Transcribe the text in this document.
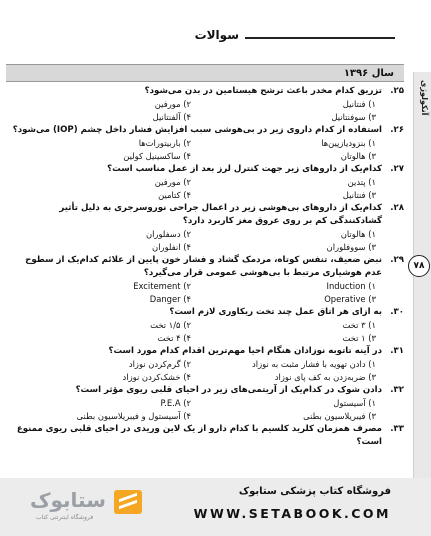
سوالات
آنکولوژی
۷۸
سال ۱۳۹۶
۲۵.
تزریق کدام مخدر باعث ترشح هیستامین در بدن می‌شود؟
۱) فنتانیل
۲) مورفین
۳) سوفنتانیل
۴) آلفنتانیل
۲۶.
استفاده از کدام داروی زیر در بی‌هوشی سبب افزایش فشار داخل چشم (IOP) می‌شود؟
۱) بنزودیازپین‌ها
۲) باربیتورات‌ها
۳) هالوتان
۴) ساکسینیل کولین
۲۷.
کدام‌یک از داروهای زیر جهت کنترل لرز بعد از عمل مناسب است؟
۱) پتدین
۲) مورفین
۳) فنتانیل
۴) کتامین
۲۸.
کدام‌یک از داروهای بی‌هوشی زیر در اعمال جراحی نوروسرجری به دلیل تأثیر گشادکنندگی کم بر روی عروق مغز کاربرد دارد؟
۱) هالوتان
۲) دسفلوران
۳) سووفلوران
۴) انفلوران
۲۹.
نبض ضعیف، تنفس کوتاه، مردمک گشاد و فشار خون پایین از علائم کدام‌یک از سطوح عدم هوشیاری مرتبط با بی‌هوشی عمومی قرار می‌گیرد؟
۱) Induction
۲) Excitement
۳) Operative
۴) Danger
۳۰.
به ازای هر اتاق عمل چند تخت ریکاوری لازم است؟
۱) ۳ تخت
۲) ۱/۵ تخت
۳) ۱ تخت
۴) ۴ تخت
۳۱.
در آینه تاتوبه نوزادان هنگام احیا مهم‌ترین اقدام کدام مورد است؟
۱) دادن تهویه با فشار مثبت به نوزاد
۲) گرم‌کردن نوزاد
۳) ضربه‌زدن به کف پای نوزاد
۴) خشک‌کردن نوزاد
۳۲.
دادن شوک در کدام‌یک از آریتمی‌های زیر در احیای قلبی ریوی مؤثر است؟
۱) آسیستول
۲) P.E.A
۳) فیبریلاسیون بطنی
۴) آسیستول و فیبریلاسیون بطنی
۳۳.
مصرف همزمان کلرید کلسیم با کدام دارو از یک لاین وریدی در احیای قلبی ریوی ممنوع است؟
ستابوک
فروشگاه اینترنتی کتاب
فروشگاه کتاب پزشکی ستابوک
WWW.SETABOOK.COM
